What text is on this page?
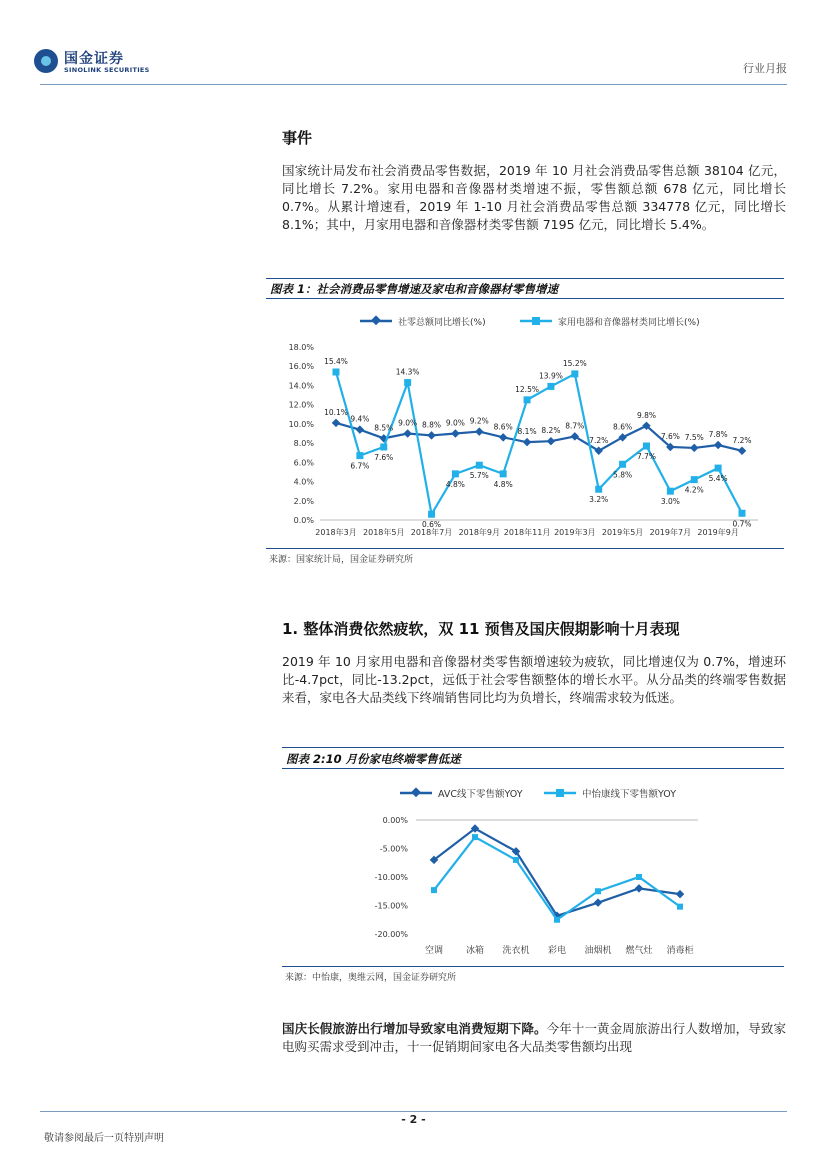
国金证券
SINOLINK SECURITIES	行业月报
事件
国家统计局发布社会消费品零售数据，2019 年 10 月社会消费品零售总额 38104 亿元，同比增长 7.2%。家用电器和音像器材类增速不振，零售额总额 678 亿元，同比增长 0.7%。从累计增速看，2019 年 1-10 月社会消费品零售总额 334778 亿元，同比增长 8.1%；其中，月家用电器和音像器材类零售额 7195 亿元，同比增长 5.4%。
图表 1：社会消费品零售增速及家电和音像器材零售增速
社零总额同比增长(%)	家用电器和音像器材类同比增长(%)
0.0%
2.0%
4.0%
6.0%
8.0%
10.0%
12.0%
14.0%
16.0%
18.0%
2018年3月 2018年5月 2018年7月 2018年9月 2018年11月 2019年3月 2019年5月 2019年7月 2019年9月
10.1%
9.4%
8.5%
9.0% 8.8% 9.0% 9.2%
8.6%
8.1% 8.2%
8.7%
7.2%
8.6%
9.8%
7.6% 7.5% 7.8%
7.2%
15.4%
6.7%
7.6%
14.3%
0.6%
4.8%
5.7%
4.8%
12.5%
13.9%
15.2%
3.2%
5.8%
7.7%
3.0%
4.2%
5.4%
0.7%
来源：国家统计局，国金证券研究所
1. 整体消费依然疲软，双 11 预售及国庆假期影响十月表现
2019 年 10 月家用电器和音像器材类零售额增速较为疲软，同比增速仅为 0.7%，增速环比-4.7pct，同比-13.2pct，远低于社会零售额整体的增长水平。从分品类的终端零售数据来看，家电各大品类线下终端销售同比均为负增长，终端需求较为低迷。
图表 2:10 月份家电终端零售低迷
AVC线下零售额YOY	中怡康线下零售额YOY
0.00%
-5.00%
-10.00%
-15.00%
-20.00%
空调	冰箱 洗衣机 彩电 油烟机 燃气灶 消毒柜
来源：中怡康，奥维云网，国金证券研究所
国庆长假旅游出行增加导致家电消费短期下降。今年十一黄金周旅游出行人数增加，导致家电购买需求受到冲击，十一促销期间家电各大品类零售额均出现
- 2 -
敬请参阅最后一页特别声明
